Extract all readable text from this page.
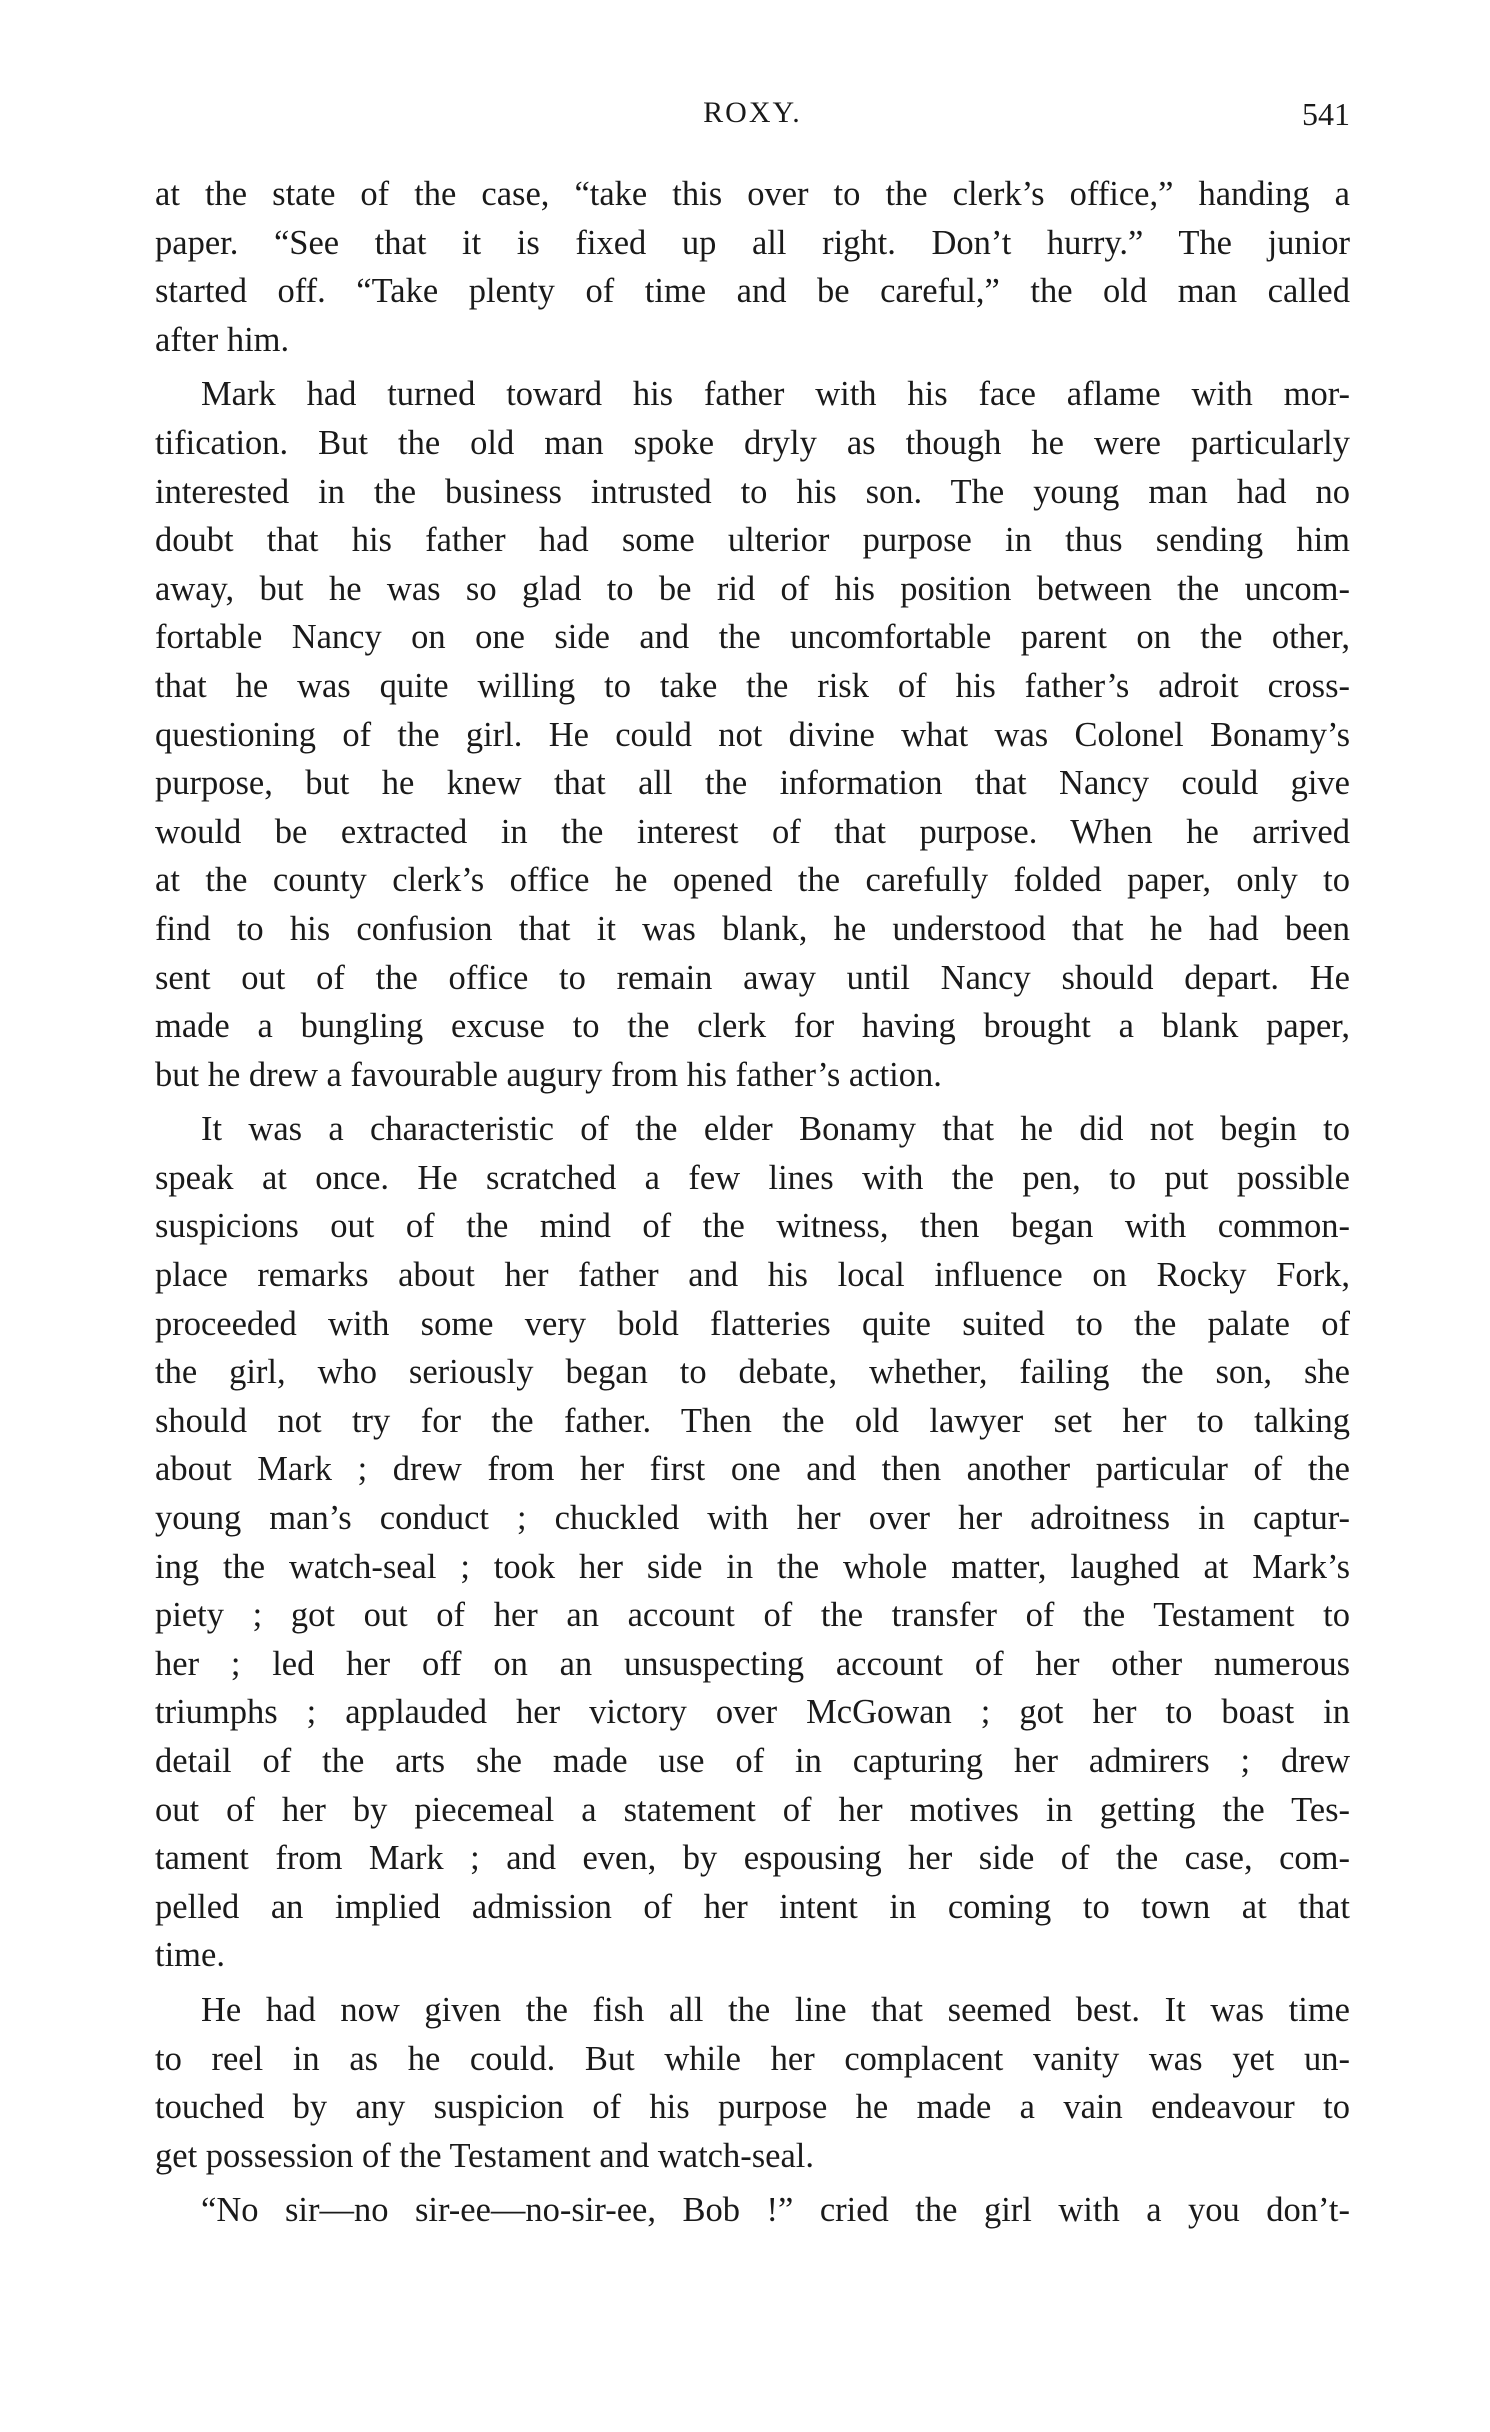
ROXY.	541
at the state of the case, “take this over to the clerk’s office,” handing a
paper. “See that it is fixed up all right. Don’t hurry.” The junior
started off. “Take plenty of time and be careful,” the old man called
after him.
Mark had turned toward his father with his face aflame with mor-
tification. But the old man spoke dryly as though he were particularly
interested in the business intrusted to his son. The young man had no
doubt that his father had some ulterior purpose in thus sending him
away, but he was so glad to be rid of his position between the uncom-
fortable Nancy on one side and the uncomfortable parent on the other,
that he was quite willing to take the risk of his father’s adroit cross-
questioning of the girl. He could not divine what was Colonel Bonamy’s
purpose, but he knew that all the information that Nancy could give
would be extracted in the interest of that purpose. When he arrived
at the county clerk’s office he opened the carefully folded paper, only to
find to his confusion that it was blank, he understood that he had been
sent out of the office to remain away until Nancy should depart. He
made a bungling excuse to the clerk for having brought a blank paper,
but he drew a favourable augury from his father’s action.
It was a characteristic of the elder Bonamy that he did not begin to
speak at once. He scratched a few lines with the pen, to put possible
suspicions out of the mind of the witness, then began with common-
place remarks about her father and his local influence on Rocky Fork,
proceeded with some very bold flatteries quite suited to the palate of
the girl, who seriously began to debate, whether, failing the son, she
should not try for the father. Then the old lawyer set her to talking
about Mark ; drew from her first one and then another particular of the
young man’s conduct ; chuckled with her over her adroitness in captur-
ing the watch-seal ; took her side in the whole matter, laughed at Mark’s
piety ; got out of her an account of the transfer of the Testament to
her ; led her off on an unsuspecting account of her other numerous
triumphs ; applauded her victory over McGowan ; got her to boast in
detail of the arts she made use of in capturing her admirers ; drew
out of her by piecemeal a statement of her motives in getting the Tes-
tament from Mark ; and even, by espousing her side of the case, com-
pelled an implied admission of her intent in coming to town at that
time.
He had now given the fish all the line that seemed best. It was time
to reel in as he could. But while her complacent vanity was yet un-
touched by any suspicion of his purpose he made a vain endeavour to
get possession of the Testament and watch-seal.
“No sir—no sir-ee—no-sir-ee, Bob !” cried the girl with a you don’t-
